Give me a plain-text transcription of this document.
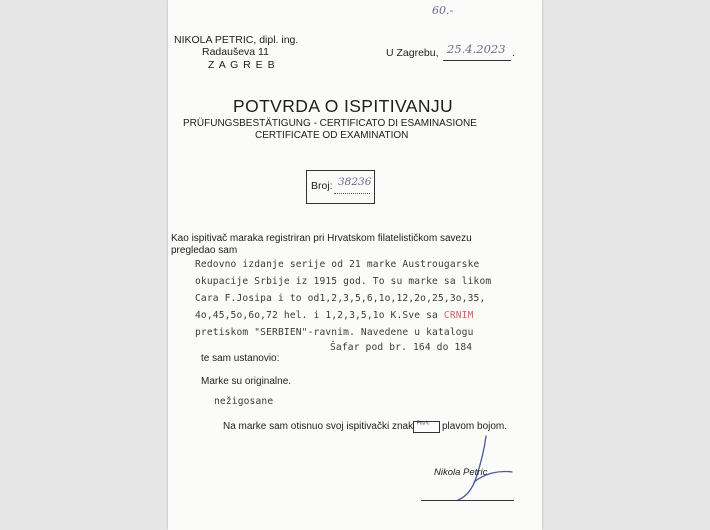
60.-
NIKOLA PETRIC, dipl. ing.
Radauševa 11
Z A G R E B
U Zagrebu, 25.4.2023 .
POTVRDA O ISPITIVANJU
PRÜFUNGSBESTÄTIGUNG - CERTIFICATO DI ESAMINASIONE
CERTIFICATE OD EXAMINATION
Broj: 38236
Kao ispitivač maraka registriran pri Hrvatskom filatelističkom savezu
pregledao sam
Redovno izdanje serije od 21 marke Austrougarske
okupacije Srbije iz 1915 god. To su marke sa likom
Cara F.Josipa i to od1,2,3,5,6,1o,12,2o,25,3o,35,
4o,45,5o,6o,72 hel. i 1,2,3,5,1o K.Sve sa CRNIM
pretiskom "SERBIEN"-ravnim. Navedene u katalogu
Šafar pod br. 164 do 184
te sam ustanovio:
Marke su originalne.
nežigosane
Na marke sam otisnuo svoj ispitivački znak ᴾᵉᵗʳⁱᶜ plavom bojom.
Nikola Petric
